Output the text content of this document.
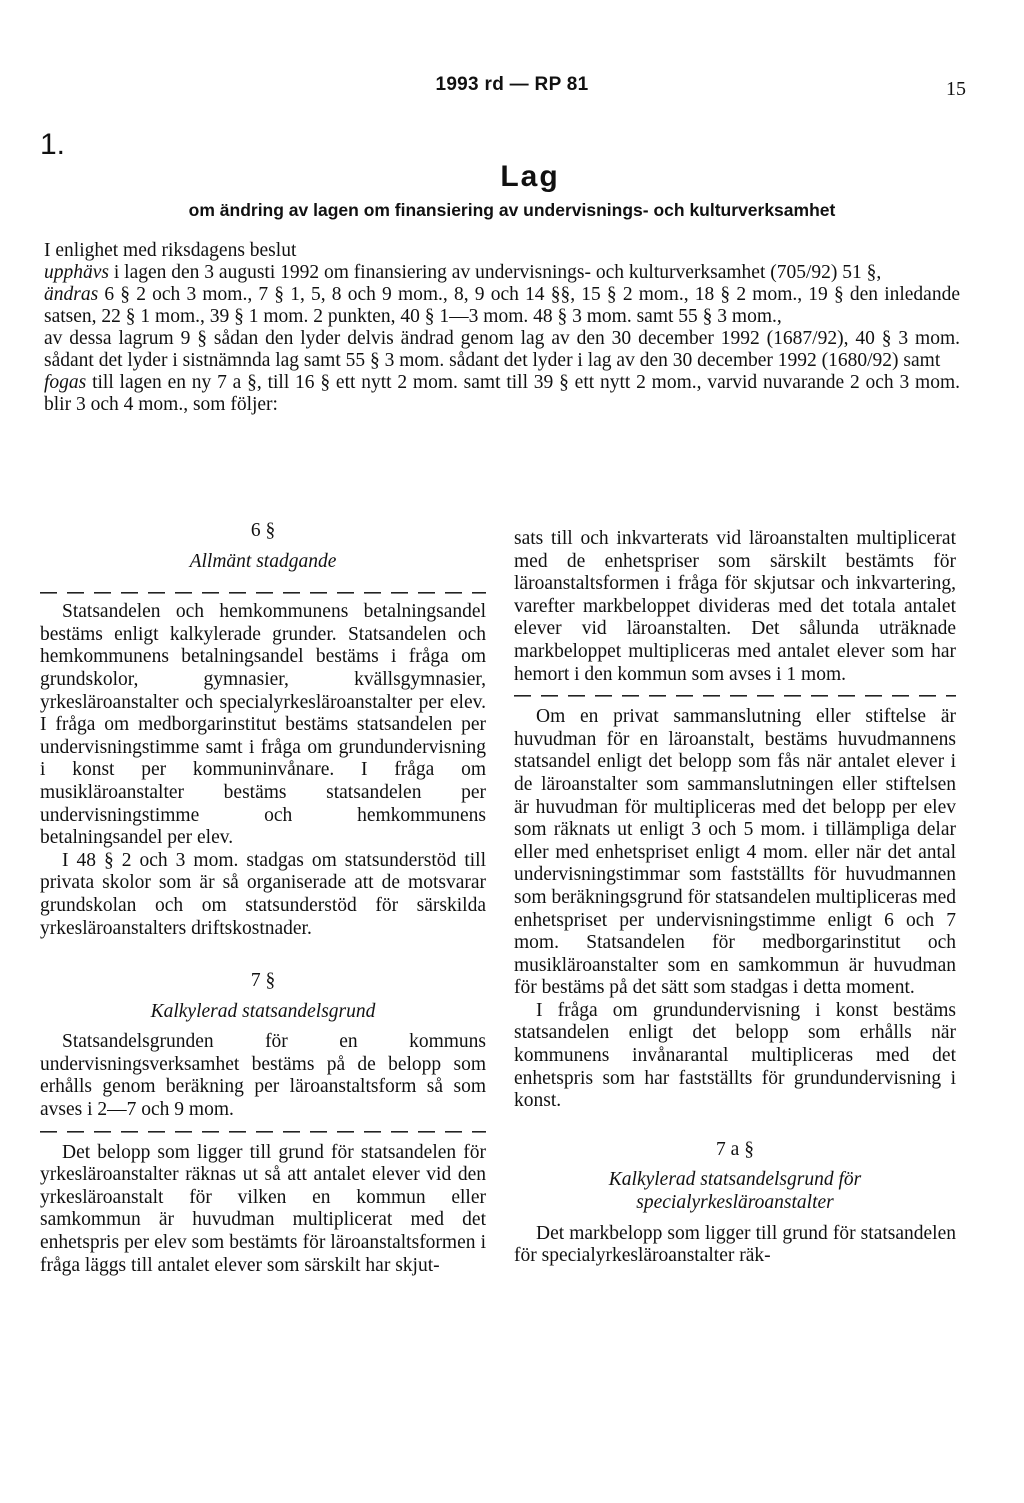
1993 rd — RP 81	15
1.
Lag
om ändring av lagen om finansiering av undervisnings- och kulturverksamhet

I enlighet med riksdagens beslut

upphävs i lagen den 3 augusti 1992 om finansiering av undervisnings- och kulturverksamhet (705/92) 51 §,

ändras 6 § 2 och 3 mom., 7 § 1, 5, 8 och 9 mom., 8, 9 och 14 §§, 15 § 2 mom., 18 § 2 mom., 19 § den inledande satsen, 22 § 1 mom., 39 § 1 mom. 2 punkten, 40 § 1—3 mom. 48 § 3 mom. samt 55 § 3 mom.,

av dessa lagrum 9 § sådan den lyder delvis ändrad genom lag av den 30 december 1992 (1687/92), 40 § 3 mom. sådant det lyder i sistnämnda lag samt 55 § 3 mom. sådant det lyder i lag av den 30 december 1992 (1680/92) samt

fogas till lagen en ny 7 a §, till 16 § ett nytt 2 mom. samt till 39 § ett nytt 2 mom., varvid nuvarande 2 och 3 mom. blir 3 och 4 mom., som följer:

6 §
Allmänt stadgande

Statsandelen och hemkommunens betalningsandel bestäms enligt kalkylerade grunder. Statsandelen och hemkommunens betalningsandel bestäms i fråga om grundskolor, gymnasier, kvällsgymnasier, yrkesläroanstalter och specialyrkesläroanstalter per elev. I fråga om medborgarinstitut bestäms statsandelen per undervisningstimme samt i fråga om grundundervisning i konst per kommuninvånare. I fråga om musikläroanstalter bestäms statsandelen per undervisningstimme och hemkommunens betalningsandel per elev.

I 48 § 2 och 3 mom. stadgas om statsunderstöd till privata skolor som är så organiserade att de motsvarar grundskolan och om statsunderstöd för särskilda yrkesläroanstalters driftskostnader.

7 §
Kalkylerad statsandelsgrund

Statsandelsgrunden för en kommuns undervisningsverksamhet bestäms på de belopp som erhålls genom beräkning per läroanstaltsform så som avses i 2—7 och 9 mom.

Det belopp som ligger till grund för statsandelen för yrkesläroanstalter räknas ut så att antalet elever vid den yrkesläroanstalt för vilken en kommun eller samkommun är huvudman multiplicerat med det enhetspris per elev som bestämts för läroanstaltsformen i fråga läggs till antalet elever som särskilt har skjut-

sats till och inkvarterats vid läroanstalten multiplicerat med de enhetspriser som särskilt bestämts för läroanstaltsformen i fråga för skjutsar och inkvartering, varefter markbeloppet divideras med det totala antalet elever vid läroanstalten. Det sålunda uträknade markbeloppet multipliceras med antalet elever som har hemort i den kommun som avses i 1 mom.

Om en privat sammanslutning eller stiftelse är huvudman för en läroanstalt, bestäms huvudmannens statsandel enligt det belopp som fås när antalet elever i de läroanstalter som sammanslutningen eller stiftelsen är huvudman för multipliceras med det belopp per elev som räknats ut enligt 3 och 5 mom. i tillämpliga delar eller med enhetspriset enligt 4 mom. eller när det antal undervisningstimmar som fastställts för huvudmannen som beräkningsgrund för statsandelen multipliceras med enhetspriset per undervisningstimme enligt 6 och 7 mom. Statsandelen för medborgarinstitut och musikläroanstalter som en samkommun är huvudman för bestäms på det sätt som stadgas i detta moment.

I fråga om grundundervisning i konst bestäms statsandelen enligt det belopp som erhålls när kommunens invånarantal multipliceras med det enhetspris som har fastställts för grundundervisning i konst.

7 a §
Kalkylerad statsandelsgrund för specialyrkesläroanstalter

Det markbelopp som ligger till grund för statsandelen för specialyrkesläroanstalter räk-
